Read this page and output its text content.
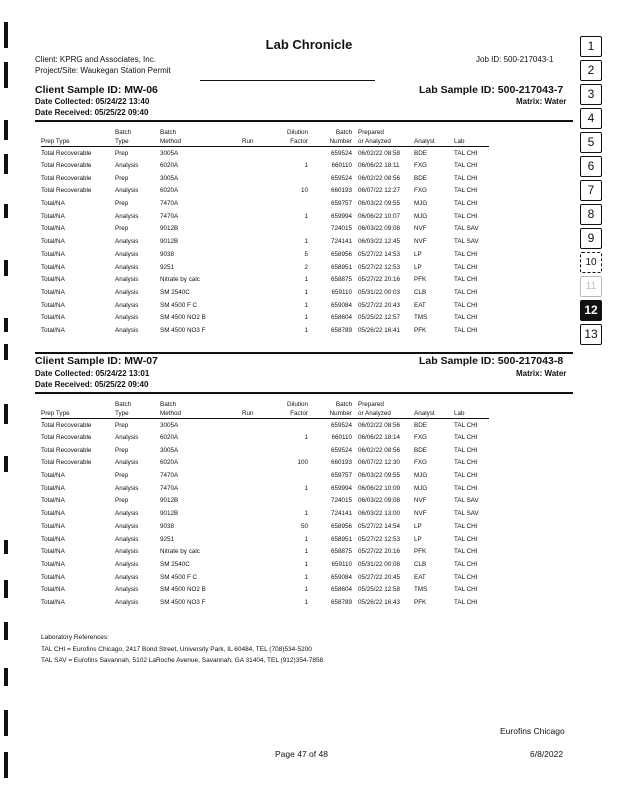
Lab Chronicle
Client: KPRG and Associates, Inc.
Project/Site: Waukegan Station Permit
Job ID: 500-217043-1
Client Sample ID: MW-06	Lab Sample ID: 500-217043-7
Date Collected: 05/24/22 13:40	Matrix: Water
Date Received: 05/25/22 09:40
	Batch	Batch		Dilution	Batch	Prepared		
Prep Type	Type	Method	Run	Factor	Number	or Analyzed	Analyst	Lab
Total Recoverable	Prep	3005A			659524	06/02/22 08:58	BDE	TAL CHI
Total Recoverable	Analysis	6020A		1	660110	06/06/22 18:11	FXG	TAL CHI
Total Recoverable	Prep	3005A			659524	06/02/22 08:56	BDE	TAL CHI
Total Recoverable	Analysis	6020A		10	660193	06/07/22 12:27	FXG	TAL CHI
Total/NA	Prep	7470A			659757	06/03/22 09:55	MJG	TAL CHI
Total/NA	Analysis	7470A		1	659994	06/06/22 10:07	MJG	TAL CHI
Total/NA	Prep	9012B			724015	06/03/22 09:08	NVF	TAL SAV
Total/NA	Analysis	9012B		1	724141	06/03/22 12:45	NVF	TAL SAV
Total/NA	Analysis	9038		5	658956	05/27/22 14:53	LP	TAL CHI
Total/NA	Analysis	9251		2	658951	05/27/22 12:53	LP	TAL CHI
Total/NA	Analysis	Nitrate by calc		1	658875	05/27/22 20:16	PFK	TAL CHI
Total/NA	Analysis	SM 2540C		1	659110	05/31/22 00:03	CLB	TAL CHI
Total/NA	Analysis	SM 4500 F C		1	659084	05/27/22 20:43	EAT	TAL CHI
Total/NA	Analysis	SM 4500 NO2 B		1	658604	05/25/22 12:57	TMS	TAL CHI
Total/NA	Analysis	SM 4500 NO3 F		1	658789	05/26/22 16:41	PFK	TAL CHI
Client Sample ID: MW-07	Lab Sample ID: 500-217043-8
Date Collected: 05/24/22 13:01	Matrix: Water
Date Received: 05/25/22 09:40
	Batch	Batch		Dilution	Batch	Prepared		
Prep Type	Type	Method	Run	Factor	Number	or Analyzed	Analyst	Lab
Total Recoverable	Prep	3005A			659524	06/02/22 08:56	BDE	TAL CHI
Total Recoverable	Analysis	6020A		1	660110	06/06/22 18:14	FXG	TAL CHI
Total Recoverable	Prep	3005A			659524	06/02/22 08:56	BDE	TAL CHI
Total Recoverable	Analysis	6020A		100	660193	06/07/22 12:30	FXG	TAL CHI
Total/NA	Prep	7470A			659757	06/03/22 09:55	MJG	TAL CHI
Total/NA	Analysis	7470A		1	659994	06/06/22 10:09	MJG	TAL CHI
Total/NA	Prep	9012B			724015	06/03/22 09:08	NVF	TAL SAV
Total/NA	Analysis	9012B		1	724141	06/03/22 13:00	NVF	TAL SAV
Total/NA	Analysis	9038		50	658956	05/27/22 14:54	LP	TAL CHI
Total/NA	Analysis	9251		1	658951	05/27/22 12:53	LP	TAL CHI
Total/NA	Analysis	Nitrate by calc		1	658875	05/27/22 20:16	PFK	TAL CHI
Total/NA	Analysis	SM 2540C		1	659110	05/31/22 00:08	CLB	TAL CHI
Total/NA	Analysis	SM 4500 F C		1	659084	05/27/22 20:45	EAT	TAL CHI
Total/NA	Analysis	SM 4500 NO2 B		1	658604	05/25/22 12:58	TMS	TAL CHI
Total/NA	Analysis	SM 4500 NO3 F		1	658789	05/26/22 16:43	PFK	TAL CHI
Laboratory References:
TAL CHI = Eurofins Chicago, 2417 Bond Street, University Park, IL 60484, TEL (708)534-5200
TAL SAV = Eurofins Savannah, 5102 LaRoche Avenue, Savannah, GA 31404, TEL (912)354-7858
Eurofins Chicago
Page 47 of 48	6/8/2022
1
2
3
4
5
6
7
8
9
10
11
12
13
